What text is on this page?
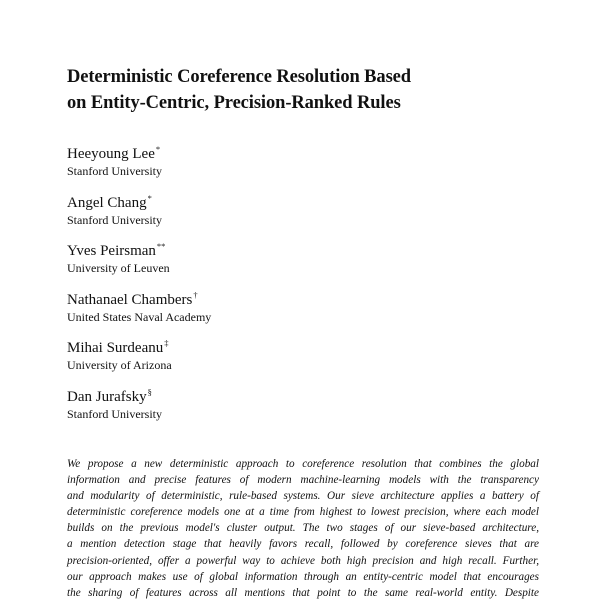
Deterministic Coreference Resolution Based
on Entity-Centric, Precision-Ranked Rules
Heeyoung Lee*
Stanford University
Angel Chang*
Stanford University
Yves Peirsman**
University of Leuven
Nathanael Chambers†
United States Naval Academy
Mihai Surdeanu‡
University of Arizona
Dan Jurafsky§
Stanford University
We propose a new deterministic approach to coreference resolution that combines the global
information and precise features of modern machine-learning models with the transparency
and modularity of deterministic, rule-based systems. Our sieve architecture applies a battery of
deterministic coreference models one at a time from highest to lowest precision, where each model
builds on the previous model's cluster output. The two stages of our sieve-based architecture,
a mention detection stage that heavily favors recall, followed by coreference sieves that are
precision-oriented, offer a powerful way to achieve both high precision and high recall. Further,
our approach makes use of global information through an entity-centric model that encourages
the sharing of features across all mentions that point to the same real-world entity. Despite
